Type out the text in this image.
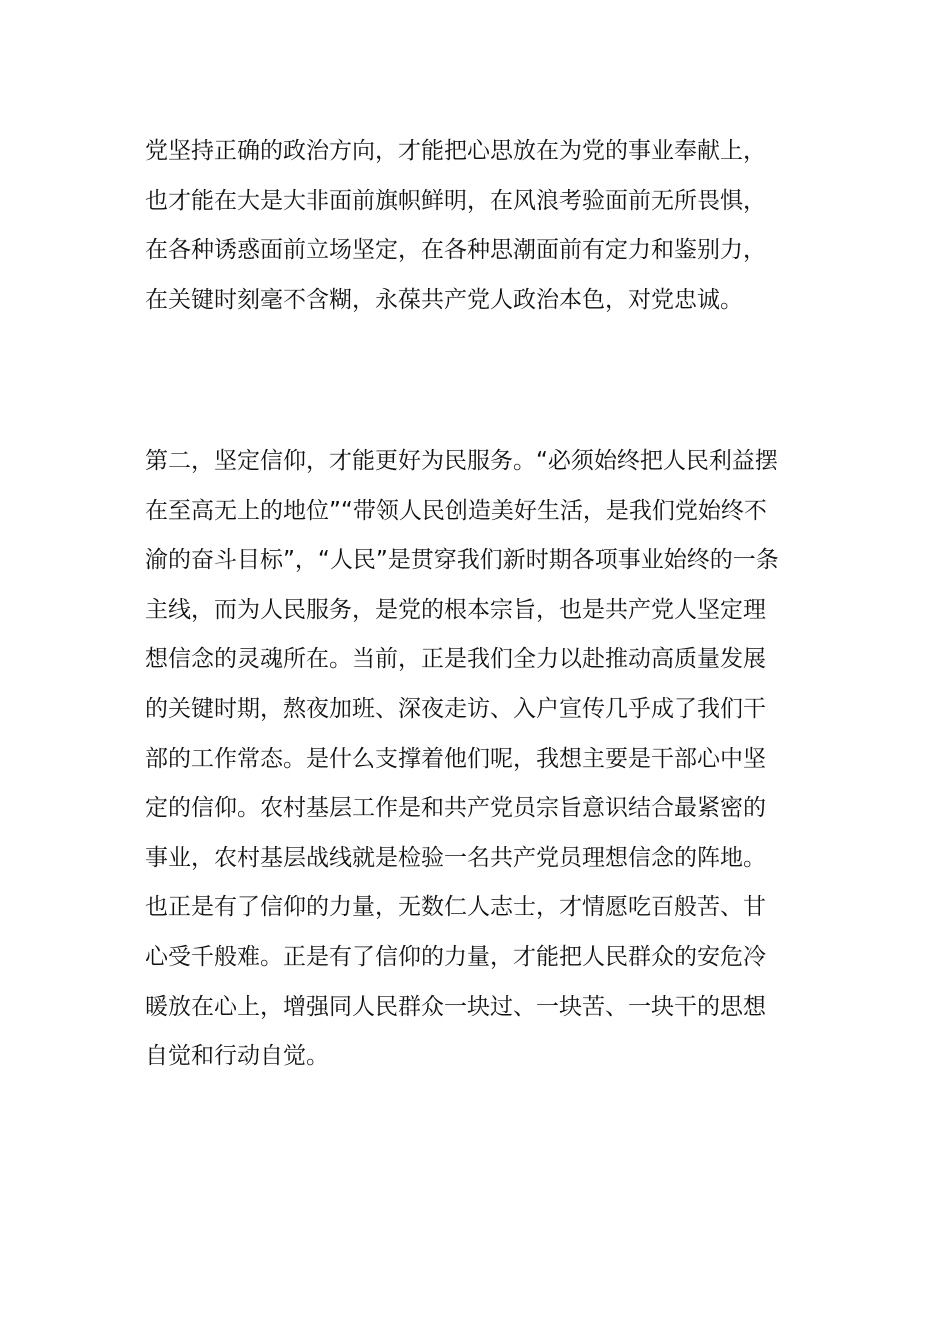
党坚持正确的政治方向，才能把心思放在为党的事业奉献上，
也才能在大是大非面前旗帜鲜明，在风浪考验面前无所畏惧，
在各种诱惑面前立场坚定，在各种思潮面前有定力和鉴别力，
在关键时刻毫不含糊，永葆共产党人政治本色，对党忠诚。
第二，坚定信仰，才能更好为民服务。“必须始终把人民利益摆
在至高无上的地位”“带领人民创造美好生活，是我们党始终不
渝的奋斗目标”，“人民”是贯穿我们新时期各项事业始终的一条
主线，而为人民服务，是党的根本宗旨，也是共产党人坚定理
想信念的灵魂所在。当前，正是我们全力以赴推动高质量发展
的关键时期，熬夜加班、深夜走访、入户宣传几乎成了我们干
部的工作常态。是什么支撑着他们呢，我想主要是干部心中坚
定的信仰。农村基层工作是和共产党员宗旨意识结合最紧密的
事业，农村基层战线就是检验一名共产党员理想信念的阵地。
也正是有了信仰的力量，无数仁人志士，才情愿吃百般苦、甘
心受千般难。正是有了信仰的力量，才能把人民群众的安危冷
暖放在心上，增强同人民群众一块过、一块苦、一块干的思想
自觉和行动自觉。
